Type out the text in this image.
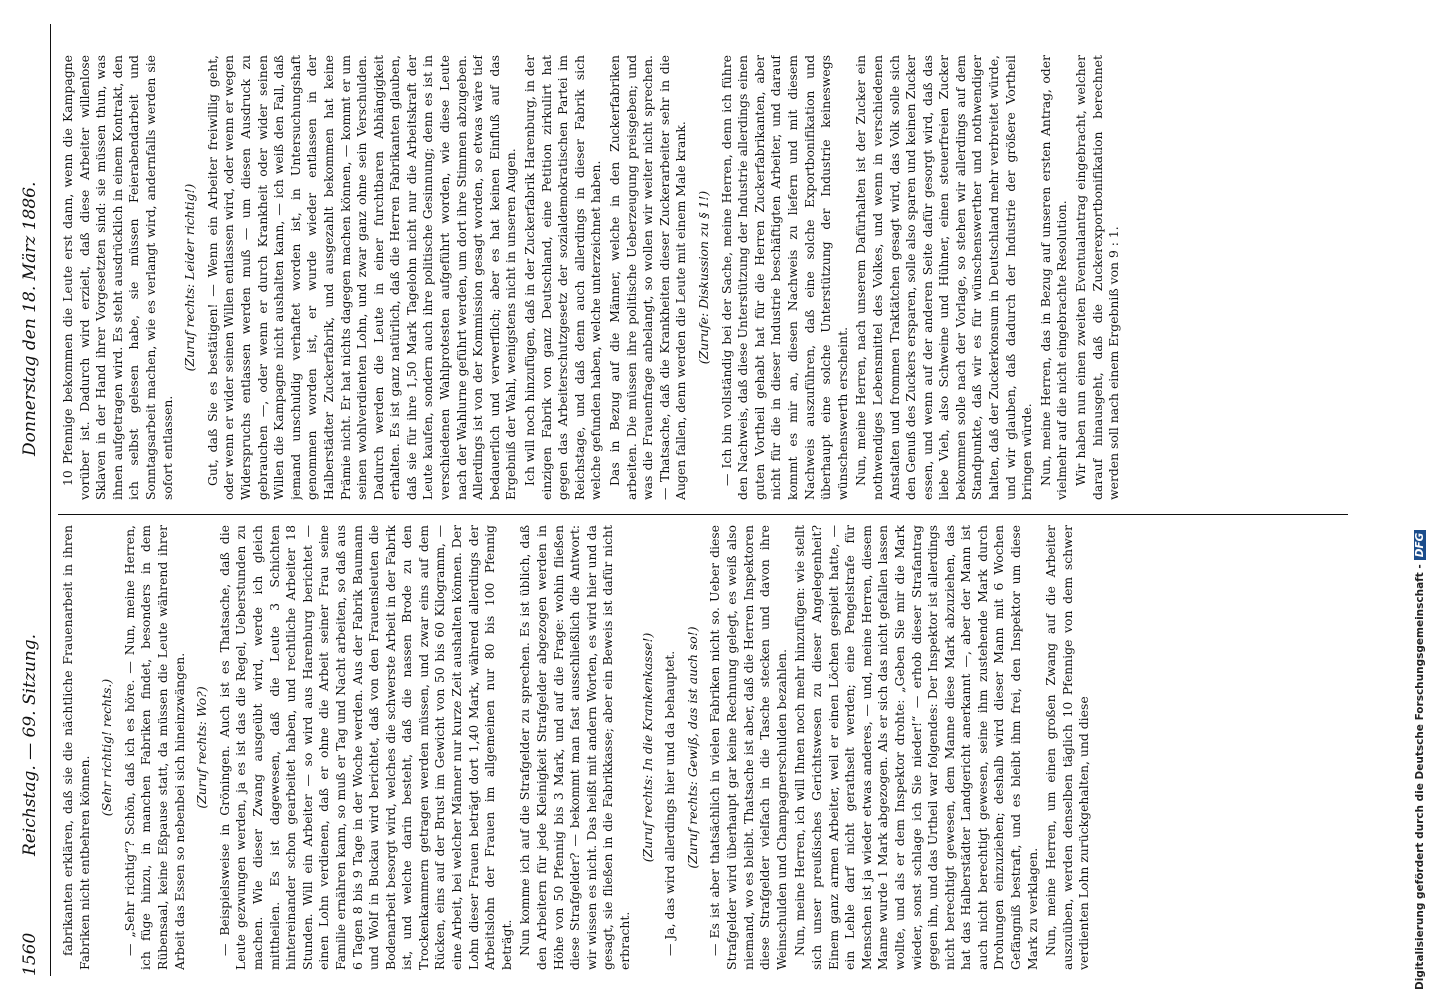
1560
Reichstag. — 69. Sitzung.
Donnerstag den 18. März 1886.

fabrikanten erklären, daß sie die nächtliche Frauenarbeit in ihren Fabriken nicht entbehren können.

(Sehr richtig! rechts.) — „Sehr richtig“? Schön, daß ich es höre. — Nun, meine Herren, ich füge hinzu, in manchen Fabriken findet, besonders in dem Rübensaal, keine Eßpause statt, da müssen die Leute während ihrer Arbeit das Essen so nebenbei sich hineinzwängen. (Zuruf rechts: Wo?) — Beispielsweise in Gröningen. Auch ist es Thatsache, daß die Leute gezwungen werden, ja es ist das die Regel, Ueberstunden zu machen. Wie dieser Zwang ausgeübt wird, werde ich gleich mittheilen. Es ist dagewesen, daß die Leute 3 Schichten hintereinander schon gearbeitet haben, und rechtliche Arbeiter 18 Stunden. Will ein Arbeiter — so wird aus Harenburg berichtet — einen Lohn verdienen, daß er ohne die Arbeit seiner Frau seine Familie ernähren kann, so muß er Tag und Nacht arbeiten, so daß aus 6 Tagen 8 bis 9 Tage in der Woche werden. Aus der Fabrik Baumann und Wolf in Buckau wird berichtet, daß von den Frauensleuten die Bodenarbeit besorgt wird, welches die schwerste Arbeit in der Fabrik ist, und welche darin besteht, daß die nassen Brode zu den Trockenkammern getragen werden müssen, und zwar eins auf dem Rücken, eins auf der Brust im Gewicht von 50 bis 60 Kilogramm, — eine Arbeit, bei welcher Männer nur kurze Zeit aushalten können. Der Lohn dieser Frauen beträgt dort 1,40 Mark, während allerdings der Arbeitslohn der Frauen im allgemeinen nur 80 bis 100 Pfennig beträgt. Nun komme ich auf die Strafgelder zu sprechen. Es ist üblich, daß den Arbeitern für jede Kleinigkeit Strafgelder abgezogen werden in Höhe von 50 Pfennig bis 3 Mark, und auf die Frage: wohin fließen diese Strafgelder? — bekommt man fast ausschließlich die Antwort: wir wissen es nicht. Das heißt mit andern Worten, es wird hier und da gesagt, sie fließen in die Fabrikkasse; aber ein Beweis ist dafür nicht erbracht.

(Zuruf rechts: In die Krankenkasse!) — Ja, das wird allerdings hier und da behauptet. (Zuruf rechts: Gewiß, das ist auch so!) — Es ist aber thatsächlich in vielen Fabriken nicht so. Ueber diese Strafgelder wird überhaupt gar keine Rechnung gelegt, es weiß also niemand, wo es bleibt. Thatsache ist aber, daß die Herren Inspektoren diese Strafgelder vielfach in die Tasche stecken und davon ihre Weinschulden und Champagnerschulden bezahlen. Nun, meine Herren, ich will Ihnen noch mehr hinzufügen: wie stellt sich unser preußisches Gerichtswesen zu dieser Angelegenheit? Einem ganz armen Arbeiter, weil er einen Löchen gespielt hatte, — ein Lehle darf nicht gerathselt werden; eine Pengelstrafe für Menschen ist ja wieder etwas anderes, — und, meine Herren, diesem Manne wurde 1 Mark abgezogen. Als er sich das nicht gefallen lassen wollte, und als er dem Inspektor drohte: „Geben Sie mir die Mark wieder, sonst schlage ich Sie nieder!“ — erhob dieser Strafantrag gegen ihn, und das Urtheil war folgendes: Der Inspektor ist allerdings nicht berechtigt gewesen, dem Manne diese Mark abzuziehen, das hat das Halberstädter Landgericht anerkannt —, aber der Mann ist auch nicht berechtigt gewesen, seine ihm zustehende Mark durch Drohungen einzuziehen; deshalb wird dieser Mann mit 6 Wochen Gefängniß bestraft, und es bleibt ihm frei, den Inspektor um diese Mark zu verklagen. Nun, meine Herren, um einen großen Zwang auf die Arbeiter auszuüben, werden denselben täglich 10 Pfennige von dem schwer verdienten Lohn zurückgehalten, und diese

10 Pfennige bekommen die Leute erst dann, wenn die Kampagne vorüber ist. Dadurch wird erzielt, daß diese Arbeiter willenlose Sklaven in der Hand ihrer Vorgesetzten sind: sie müssen thun, was ihnen aufgetragen wird. Es steht ausdrücklich in einem Kontrakt, den ich selbst gelesen habe, sie müssen Feierabendarbeit und Sonntagsarbeit machen, wie es verlangt wird, andernfalls werden sie sofort entlassen.

(Zuruf rechts: Leider richtig!) Gut, daß Sie es bestätigen! — Wenn ein Arbeiter freiwillig geht, oder wenn er wider seinen Willen entlassen wird, oder wenn er wegen Widerspruchs entlassen werden muß — um diesen Ausdruck zu gebrauchen —, oder wenn er durch Krankheit oder wider seinen Willen die Kampagne nicht aushalten kann, — ich weiß den Fall, daß jemand unschuldig verhaftet worden ist, in Untersuchungshaft genommen worden ist, er wurde wieder entlassen in der Halberstädter Zuckerfabrik, und ausgezahlt bekommen hat keine Prämie nicht. Er hat nichts dagegen machen können, — kommt er um seinen wohlverdienten Lohn, und zwar ganz ohne sein Verschulden. Dadurch werden die Leute in einer furchtbaren Abhängigkeit erhalten. Es ist ganz natürlich, daß die Herren Fabrikanten glauben, daß sie für ihre 1,50 Mark Tagelohn nicht nur die Arbeitskraft der Leute kaufen, sondern auch ihre politische Gesinnung; denn es ist in verschiedenen Wahlprotesten aufgeführt worden, wie diese Leute nach der Wahlurne geführt werden, um dort ihre Stimmen abzugeben. Allerdings ist von der Kommission gesagt worden, so etwas wäre tief bedauerlich und verwerflich; aber es hat keinen Einfluß auf das Ergebniß der Wahl, wenigstens nicht in unseren Augen. Ich will noch hinzufügen, daß in der Zuckerfabrik Harenburg, in der einzigen Fabrik von ganz Deutschland, eine Petition zirkulirt hat gegen das Arbeiterschutzgesetz der sozialdemokratischen Partei im Reichstage, und daß denn auch allerdings in dieser Fabrik sich welche gefunden haben, welche unterzeichnet haben. Das in Bezug auf die Männer, welche in den Zuckerfabriken arbeiten. Die müssen ihre politische Ueberzeugung preisgeben; und was die Frauenfrage anbelangt, so wollen wir weiter nicht sprechen. — Thatsache, daß die Krankheiten dieser Zuckerarbeiter sehr in die Augen fallen, denn werden die Leute mit einem Male krank. (Zurufe: Diskussion zu § 1!) — Ich bin vollständig bei der Sache, meine Herren, denn ich führe den Nachweis, daß diese Unterstützung der Industrie allerdings einen guten Vortheil gehabt hat für die Herren Zuckerfabrikanten, aber nicht für die in dieser Industrie beschäftigten Arbeiter, und darauf kommt es mir an, diesen Nachweis zu liefern und mit diesem Nachweis auszuführen, daß eine solche Exportbonifikation und überhaupt eine solche Unterstützung der Industrie keineswegs wünschenswerth erscheint. Nun, meine Herren, nach unserem Dafürhalten ist der Zucker ein nothwendiges Lebensmittel des Volkes, und wenn in verschiedenen Anstalten und frommen Traktätchen gesagt wird, das Volk solle sich den Genuß des Zuckers ersparen, solle also sparen und keinen Zucker essen, und wenn auf der anderen Seite dafür gesorgt wird, daß das liebe Vieh, also Schweine und Hühner, einen steuerfreien Zucker bekommen solle nach der Vorlage, so stehen wir allerdings auf dem Standpunkte, daß wir es für wünschenswerther und nothwendiger halten, daß der Zuckerkonsum in Deutschland mehr verbreitet würde, und wir glauben, daß dadurch der Industrie der größere Vortheil bringen würde. Nun, meine Herren, das in Bezug auf unseren ersten Antrag, oder vielmehr auf die nicht eingebrachte Resolution. Wir haben nun einen zweiten Eventualantrag eingebracht, welcher darauf hinausgeht, daß die Zuckerexportbonifikation berechnet werden soll nach einem Ergebniß von 9 : 1.

Digitalisierung gefördert durch die Deutsche Forschungsgemeinschaft -DFG
